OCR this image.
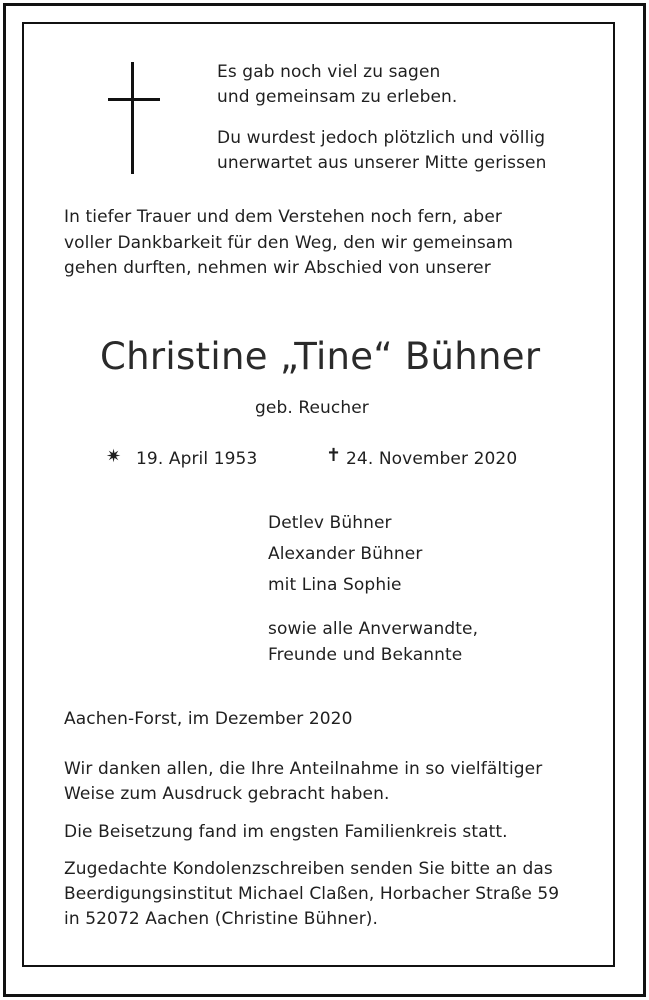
Es gab noch viel zu sagen
und gemeinsam zu erleben.
Du wurdest jedoch plötzlich und völlig
unerwartet aus unserer Mitte gerissen
In tiefer Trauer und dem Verstehen noch fern, aber
voller Dankbarkeit für den Weg, den wir gemeinsam
gehen durften, nehmen wir Abschied von unserer
Christine „Tine“ Bühner
geb. Reucher
✷ 19. April 1953	✝ 24. November 2020
Detlev Bühner
Alexander Bühner
mit Lina Sophie
sowie alle Anverwandte,
Freunde und Bekannte
Aachen-Forst, im Dezember 2020
Wir danken allen, die Ihre Anteilnahme in so vielfältiger
Weise zum Ausdruck gebracht haben.
Die Beisetzung fand im engsten Familienkreis statt.
Zugedachte Kondolenzschreiben senden Sie bitte an das
Beerdigungsinstitut Michael Claßen, Horbacher Straße 59
in 52072 Aachen (Christine Bühner).
